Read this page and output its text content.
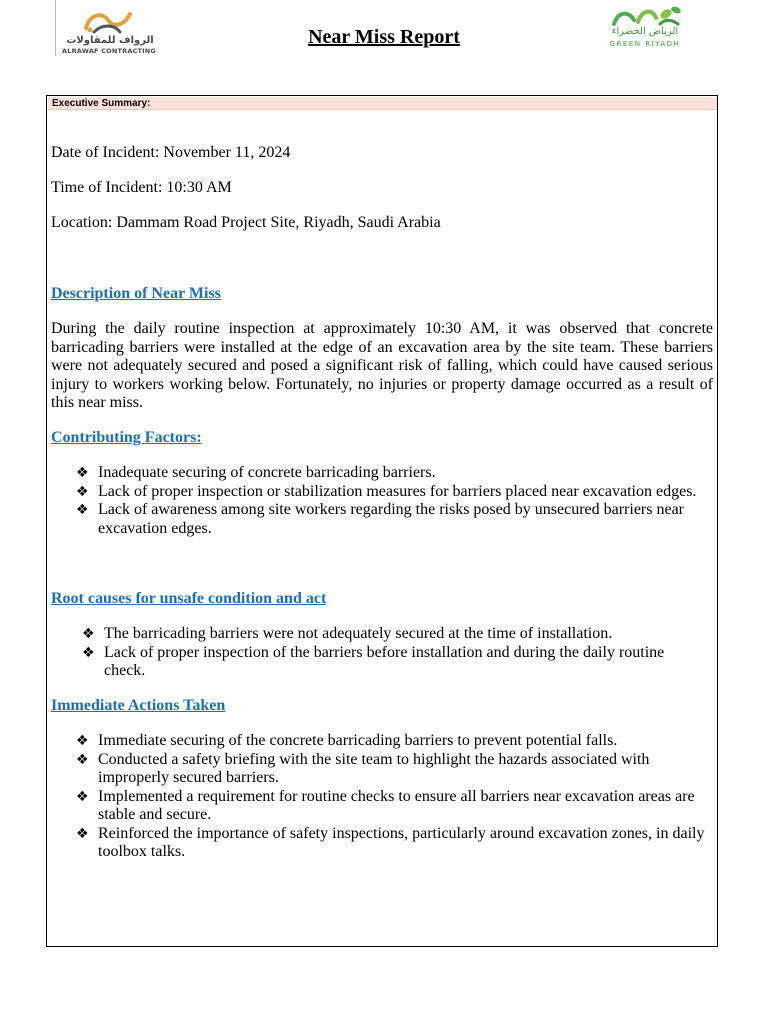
الرواف للمقاولات
ALRAWAF CONTRACTING
Near Miss Report	الرياض الخضراء
GREEN RIYADH
Executive Summary:
Date of Incident: November 11, 2024
Time of Incident: 10:30 AM
Location: Dammam Road Project Site, Riyadh, Saudi Arabia
Description of Near Miss
During the daily routine inspection at approximately 10:30 AM, it was observed that concrete barricading barriers were installed at the edge of an excavation area by the site team. These barriers were not adequately secured and posed a significant risk of falling, which could have caused serious injury to workers working below. Fortunately, no injuries or property damage occurred as a result of this near miss.
Contributing Factors:
❖ Inadequate securing of concrete barricading barriers.
❖ Lack of proper inspection or stabilization measures for barriers placed near excavation edges.
❖ Lack of awareness among site workers regarding the risks posed by unsecured barriers near excavation edges.
Root causes for unsafe condition and act
❖ The barricading barriers were not adequately secured at the time of installation.
❖ Lack of proper inspection of the barriers before installation and during the daily routine check.
Immediate Actions Taken
❖ Immediate securing of the concrete barricading barriers to prevent potential falls.
❖ Conducted a safety briefing with the site team to highlight the hazards associated with improperly secured barriers.
❖ Implemented a requirement for routine checks to ensure all barriers near excavation areas are stable and secure.
❖ Reinforced the importance of safety inspections, particularly around excavation zones, in daily toolbox talks.
